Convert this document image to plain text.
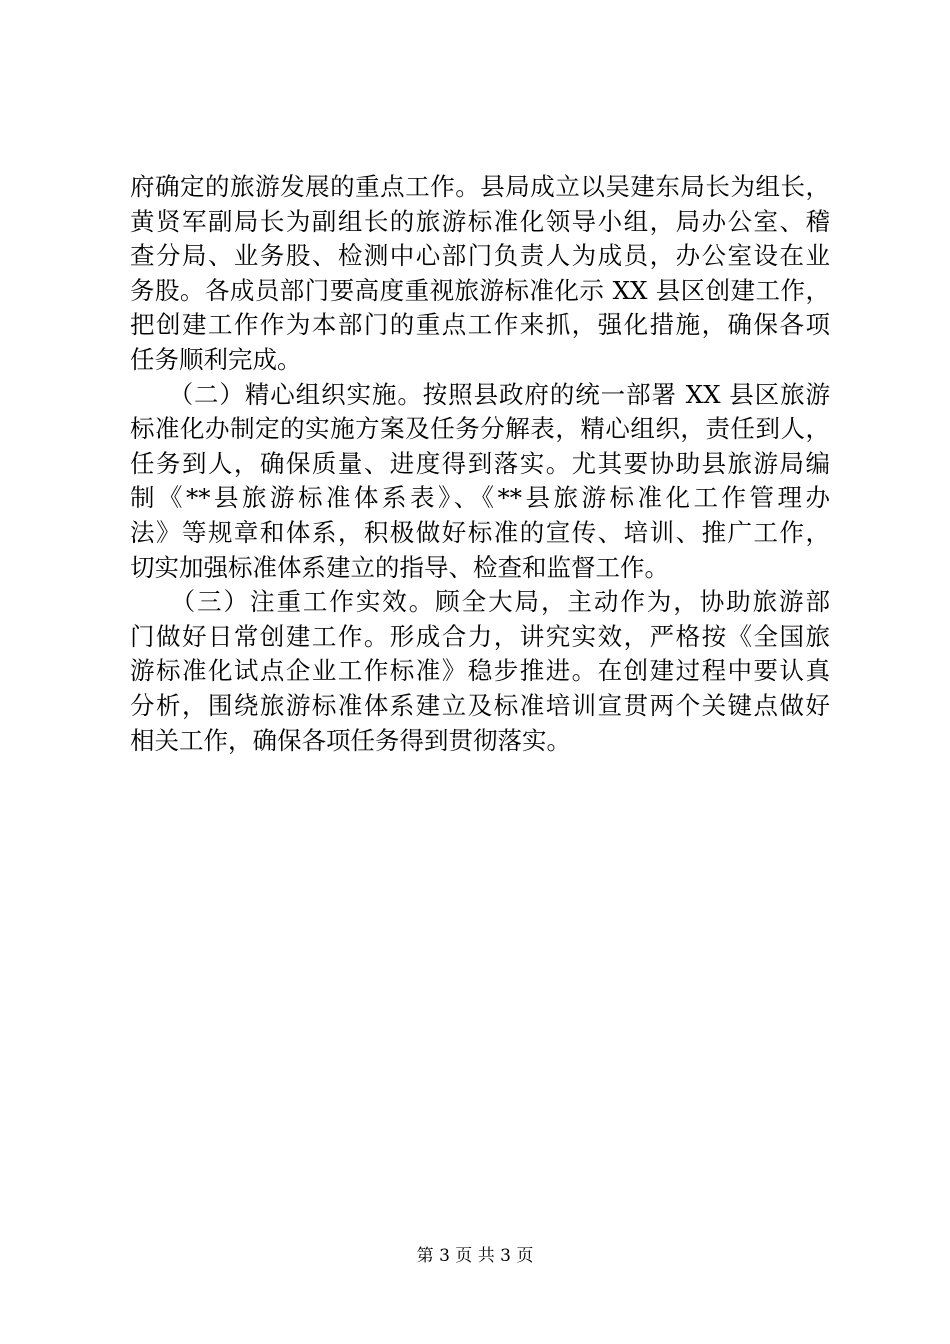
府确定的旅游发展的重点工作。县局成立以吴建东局长为组长，
黄贤军副局长为副组长的旅游标准化领导小组，局办公室、稽
查分局、业务股、检测中心部门负责人为成员，办公室设在业
务股。各成员部门要高度重视旅游标准化示 XX 县区创建工作，
把创建工作作为本部门的重点工作来抓，强化措施，确保各项
任务顺利完成。
　　（二）精心组织实施。按照县政府的统一部署 XX 县区旅游
标准化办制定的实施方案及任务分解表，精心组织，责任到人，
任务到人，确保质量、进度得到落实。尤其要协助县旅游局编
制《**县旅游标准体系表》、《**县旅游标准化工作管理办
法》等规章和体系，积极做好标准的宣传、培训、推广工作，
切实加强标准体系建立的指导、检查和监督工作。
　　（三）注重工作实效。顾全大局，主动作为，协助旅游部
门做好日常创建工作。形成合力，讲究实效，严格按《全国旅
游标准化试点企业工作标准》稳步推进。在创建过程中要认真
分析，围绕旅游标准体系建立及标准培训宣贯两个关键点做好
相关工作，确保各项任务得到贯彻落实。
第 3 页 共 3 页
